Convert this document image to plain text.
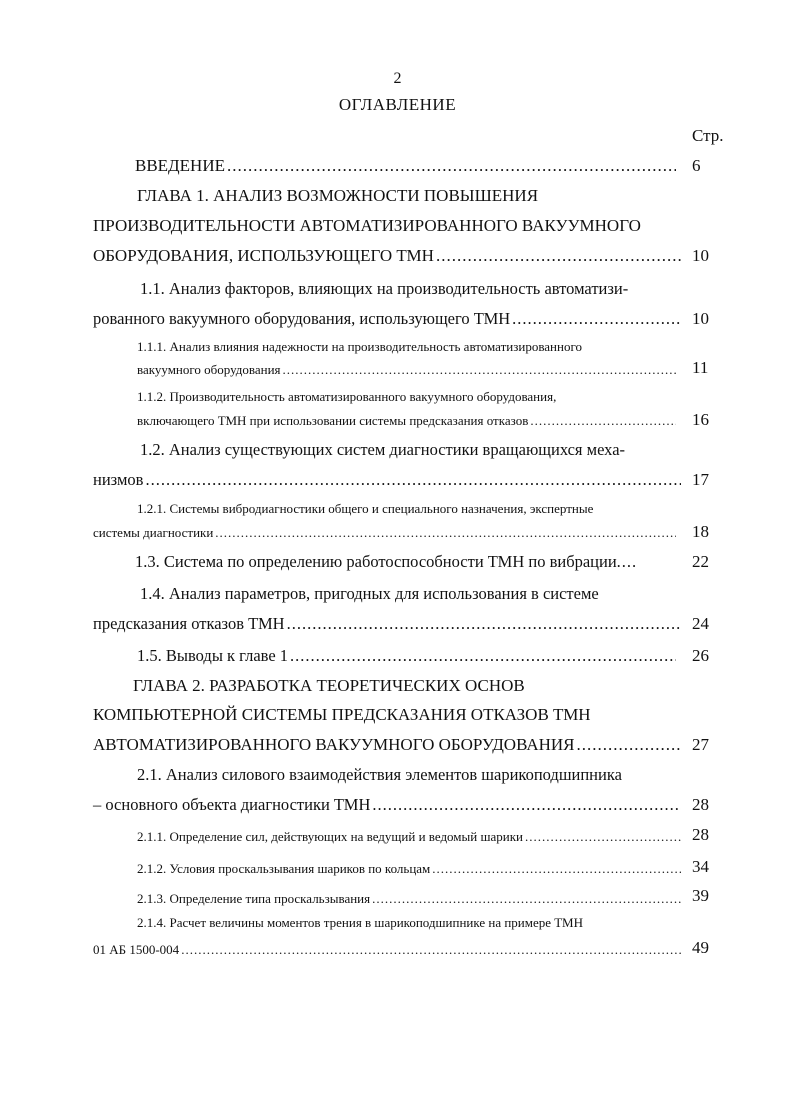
2
ОГЛАВЛЕНИЕ
Стр.
ВВЕДЕНИЕ .....	6
ГЛАВА 1. АНАЛИЗ ВОЗМОЖНОСТИ ПОВЫШЕНИЯ
ПРОИЗВОДИТЕЛЬНОСТИ АВТОМАТИЗИРОВАННОГО ВАКУУМНОГО
ОБОРУДОВАНИЯ, ИСПОЛЬЗУЮЩЕГО ТМН .....	10
1.1. Анализ факторов, влияющих на производительность автоматизи-
рованного вакуумного оборудования, использующего ТМН .....	10
1.1.1. Анализ влияния надежности на производительность автоматизированного
вакуумного оборудования .....	11
1.1.2. Производительность автоматизированного вакуумного оборудования,
включающего ТМН при использовании системы предсказания отказов .....	16
1.2. Анализ существующих систем диагностики вращающихся меха-
низмов .....	17
1.2.1. Системы вибродиагностики общего и специального назначения, экспертные
системы диагностики .....	18
1.3. Система по определению работоспособности ТМН по вибрации....	22
1.4. Анализ параметров, пригодных для использования в системе
предсказания отказов ТМН .....	24
1.5. Выводы к главе 1 .....	26
ГЛАВА 2. РАЗРАБОТКА ТЕОРЕТИЧЕСКИХ ОСНОВ
КОМПЬЮТЕРНОЙ СИСТЕМЫ ПРЕДСКАЗАНИЯ ОТКАЗОВ ТМН
АВТОМАТИЗИРОВАННОГО ВАКУУМНОГО ОБОРУДОВАНИЯ .....	27
2.1. Анализ силового взаимодействия элементов шарикоподшипника
– основного объекта диагностики ТМН .....	28
2.1.1. Определение сил, действующих на ведущий и ведомый шарики .....	28
2.1.2. Условия проскальзывания шариков по кольцам .....	34
2.1.3. Определение типа проскальзывания .....	39
2.1.4. Расчет величины моментов трения в шарикоподшипнике на примере ТМН
01 АБ 1500-004 .....	49
